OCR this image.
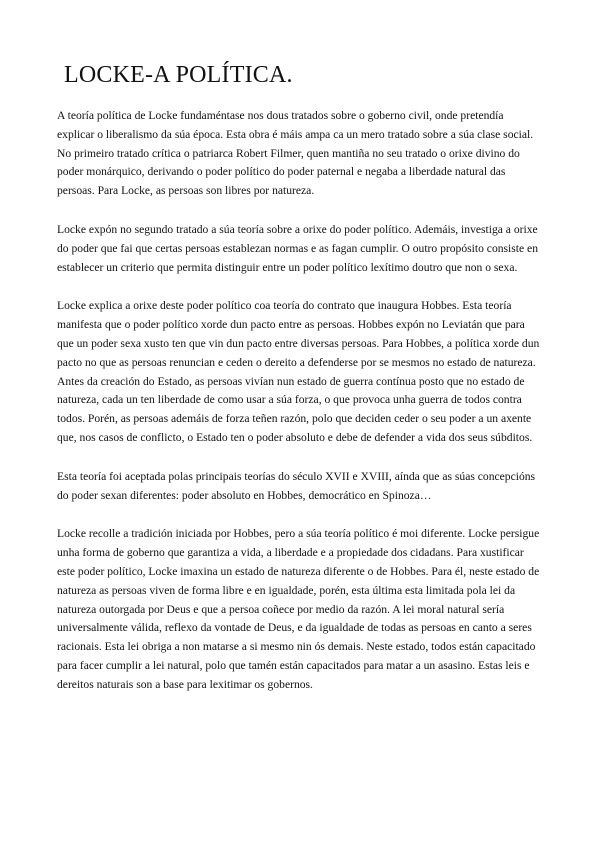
LOCKE-A POLÍTICA.

A teoría política de Locke fundaméntase nos dous tratados sobre o goberno civil, onde pretendía explicar o liberalismo da súa época. Esta obra é máis ampa ca un mero tratado sobre a súa clase social. No primeiro tratado crítica o patriarca Robert Filmer, quen mantiña no seu tratado o orixe divino do poder monárquico, derivando o poder político do poder paternal e negaba a liberdade natural das persoas. Para Locke, as persoas son libres por natureza.

Locke expón no segundo tratado a súa teoría sobre a orixe do poder político. Ademáis, investiga a orixe do poder que fai que certas persoas establezan normas e as fagan cumplir. O outro propósito consiste en establecer un criterio que permita distinguir entre un poder político lexítimo doutro que non o sexa.

Locke explica a orixe deste poder político coa teoría do contrato que inaugura Hobbes. Esta teoría manifesta que o poder político xorde dun pacto entre as persoas. Hobbes expón no Leviatán que para que un poder sexa xusto ten que vin dun pacto entre diversas persoas. Para Hobbes, a política xorde dun pacto no que as persoas renuncian e ceden o dereito a defenderse por se mesmos no estado de natureza. Antes da creación do Estado, as persoas vivían nun estado de guerra contínua posto que no estado de natureza, cada un ten liberdade de como usar a súa forza, o que provoca unha guerra de todos contra todos. Porén, as persoas ademáis de forza teñen razón, polo que deciden ceder o seu poder a un axente que, nos casos de conflicto, o Estado ten o poder absoluto e debe de defender a vida dos seus súbditos.

Esta teoría foi aceptada polas principais teorías do século XVII e XVIII, aínda que as súas concepcións do poder sexan diferentes: poder absoluto en Hobbes, democrático en Spinoza…

Locke recolle a tradición iniciada por Hobbes, pero a súa teoría político é moi diferente. Locke persigue unha forma de goberno que garantiza a vida, a liberdade e a propiedade dos cidadans. Para xustificar este poder político, Locke imaxina un estado de natureza diferente o de Hobbes. Para él, neste estado de natureza as persoas viven de forma libre e en igualdade, porén, esta última esta limitada pola lei da natureza outorgada por Deus e que a persoa coñece por medio da razón. A lei moral natural sería universalmente válida, reflexo da vontade de Deus, e da igualdade de todas as persoas en canto a seres racionais. Esta lei obriga a non matarse a si mesmo nin ós demais. Neste estado, todos están capacitado para facer cumplir a lei natural, polo que tamén están capacitados para matar a un asasino. Estas leis e dereitos naturais son a base para lexitimar os gobernos.
